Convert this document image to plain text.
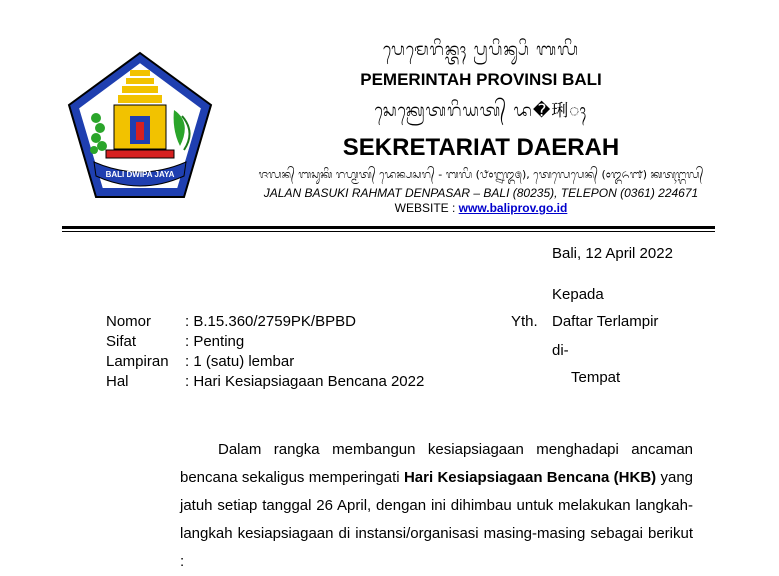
BALI DWIPA JAYA
ᬧᬾᬫᬾᬭᬶᬦ᭄ᬢᬄ ᬧ᭄ᬭᬧᬶᬦ᭄ᬲᬶ ᬩᬮᬶ
PEMERINTAH PROVINSI BALI
ᬲᬾᬓ᭄ᬭᬾᬢᬭᬶᬬᬢ᭄ ᬤ�琍ᬄ
SEKRETARIAT DAERAH
ᬚᬮᬦ᭄ ᬩᬲᬸᬓᬶ ᬭᬳ᭄ᬫᬢ᭄ ᬤᬾᬦ᭄ᬧᬲᬭ᭄ - ᬩᬮᬶ (᭘᭐᭒᭓᭕), ᬢᬾᬮᬾᬧᬾᬦ᭄ (᭐᭓᭖᭑) ᬓᬢᬹᬗ᭄ᬕᬮ᭄
JALAN BASUKI RAHMAT DENPASAR – BALI (80235), TELEPON (0361) 224671
WEBSITE : www.baliprov.go.id
Bali, 12 April 2022
Kepada
Yth. Daftar Terlampir
di-
Tempat
Nomor : B.15.360/2759PK/BPBD
Sifat	: Penting
Lampiran : 1 (satu) lembar
Hal	: Hari Kesiapsiagaan Bencana 2022

Dalam rangka membangun kesiapsiagaan menghadapi ancaman bencana sekaligus memperingati Hari Kesiapsiagaan Bencana (HKB) yang jatuh setiap tanggal 26 April, dengan ini dihimbau untuk melakukan langkah-langkah kesiapsiagaan di instansi/organisasi masing-masing sebagai berikut :
